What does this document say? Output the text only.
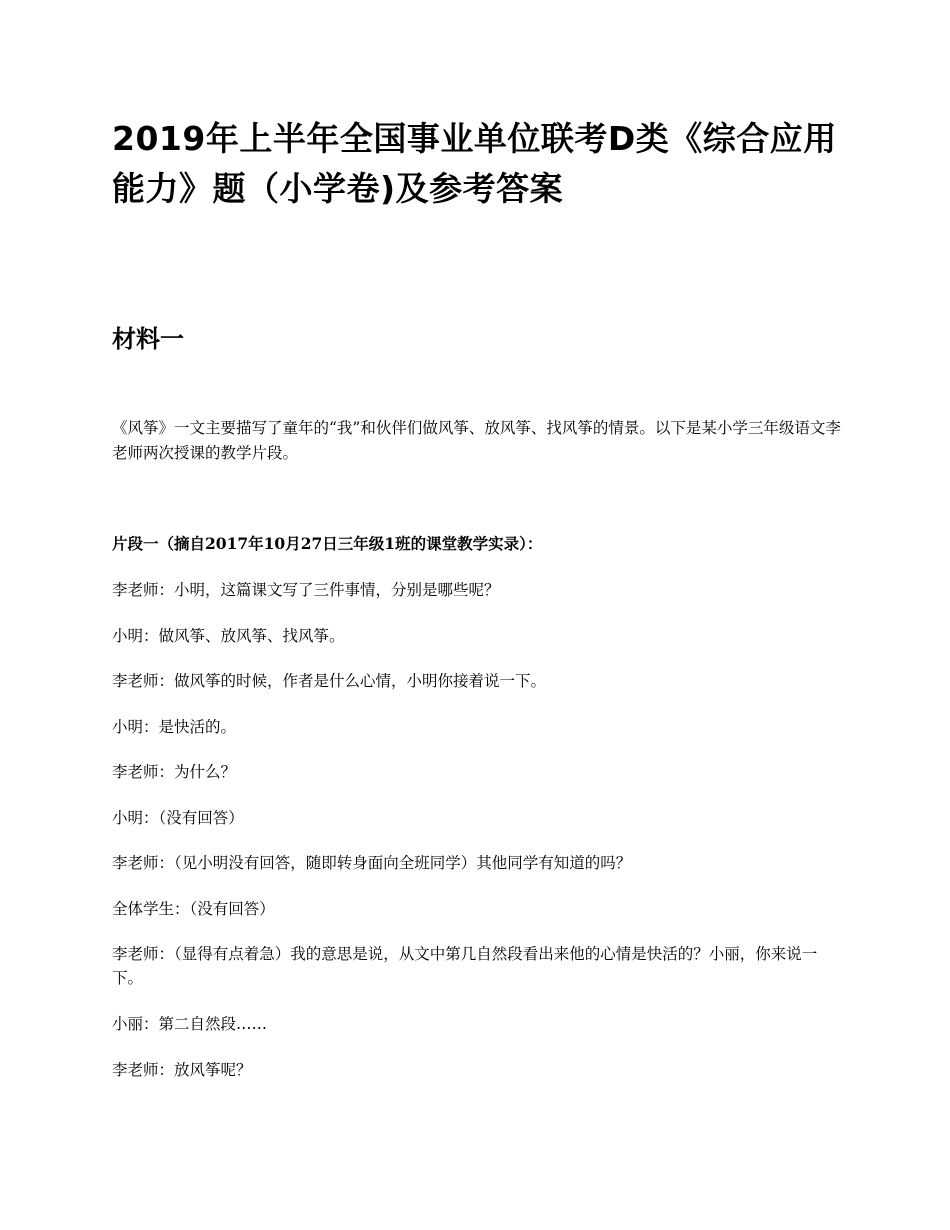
2019年上半年全国事业单位联考D类《综合应用能力》题（小学卷)及参考答案
材料一

《风筝》一文主要描写了童年的“我”和伙伴们做风筝、放风筝、找风筝的情景。以下是某小学三年级语文李老师两次授课的教学片段。

片段一（摘自2017年10月27日三年级1班的课堂教学实录）：

李老师：小明，这篇课文写了三件事情，分别是哪些呢？

小明：做风筝、放风筝、找风筝。

李老师：做风筝的时候，作者是什么心情，小明你接着说一下。

小明：是快活的。

李老师：为什么？

小明：（没有回答）

李老师：（见小明没有回答，随即转身面向全班同学）其他同学有知道的吗？

全体学生：（没有回答）

李老师：（显得有点着急）我的意思是说，从文中第几自然段看出来他的心情是快活的？小丽，你来说一下。

小丽：第二自然段……

李老师：放风筝呢？
